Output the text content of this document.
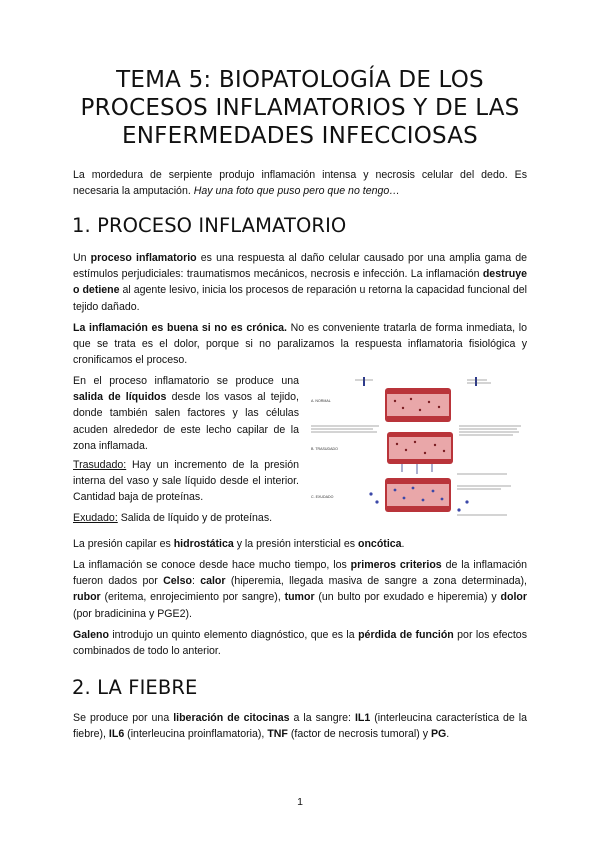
TEMA 5: BIOPATOLOGÍA DE LOS
PROCESOS INFLAMATORIOS Y DE LAS
ENFERMEDADES INFECCIOSAS

La mordedura de serpiente produjo inflamación intensa y necrosis celular del dedo. Es necesaria la amputación. Hay una foto que puso pero que no tengo…

1. PROCESO INFLAMATORIO

Un proceso inflamatorio es una respuesta al daño celular causado por una amplia gama de estímulos perjudiciales: traumatismos mecánicos, necrosis e infección. La inflamación destruye o detiene al agente lesivo, inicia los procesos de reparación u retorna la capacidad funcional del tejido dañado.

La inflamación es buena si no es crónica. No es conveniente tratarla de forma inmediata, lo que se trata es el dolor, porque si no paralizamos la respuesta inflamatoria fisiológica y cronificamos el proceso.

En el proceso inflamatorio se produce una salida de líquidos desde los vasos al tejido, donde también salen factores y las células acuden alrededor de este lecho capilar de la zona inflamada.

Trasudado: Hay un incremento de la presión interna del vaso y sale líquido desde el interior. Cantidad baja de proteínas.

Exudado: Salida de líquido y de proteínas.

A. NORMAL
B. TRASUDADO
C. EXUDADO

La presión capilar es hidrostática y la presión intersticial es oncótica.

La inflamación se conoce desde hace mucho tiempo, los primeros criterios de la inflamación fueron dados por Celso: calor (hiperemia, llegada masiva de sangre a zona determinada), rubor (eritema, enrojecimiento por sangre), tumor (un bulto por exudado e hiperemia) y dolor (por bradicinina y PGE2).

Galeno introdujo un quinto elemento diagnóstico, que es la pérdida de función por los efectos combinados de todo lo anterior.

2. LA FIEBRE

Se produce por una liberación de citocinas a la sangre: IL1 (interleucina característica de la fiebre), IL6 (interleucina proinflamatoria), TNF (factor de necrosis tumoral) y PG.

1
